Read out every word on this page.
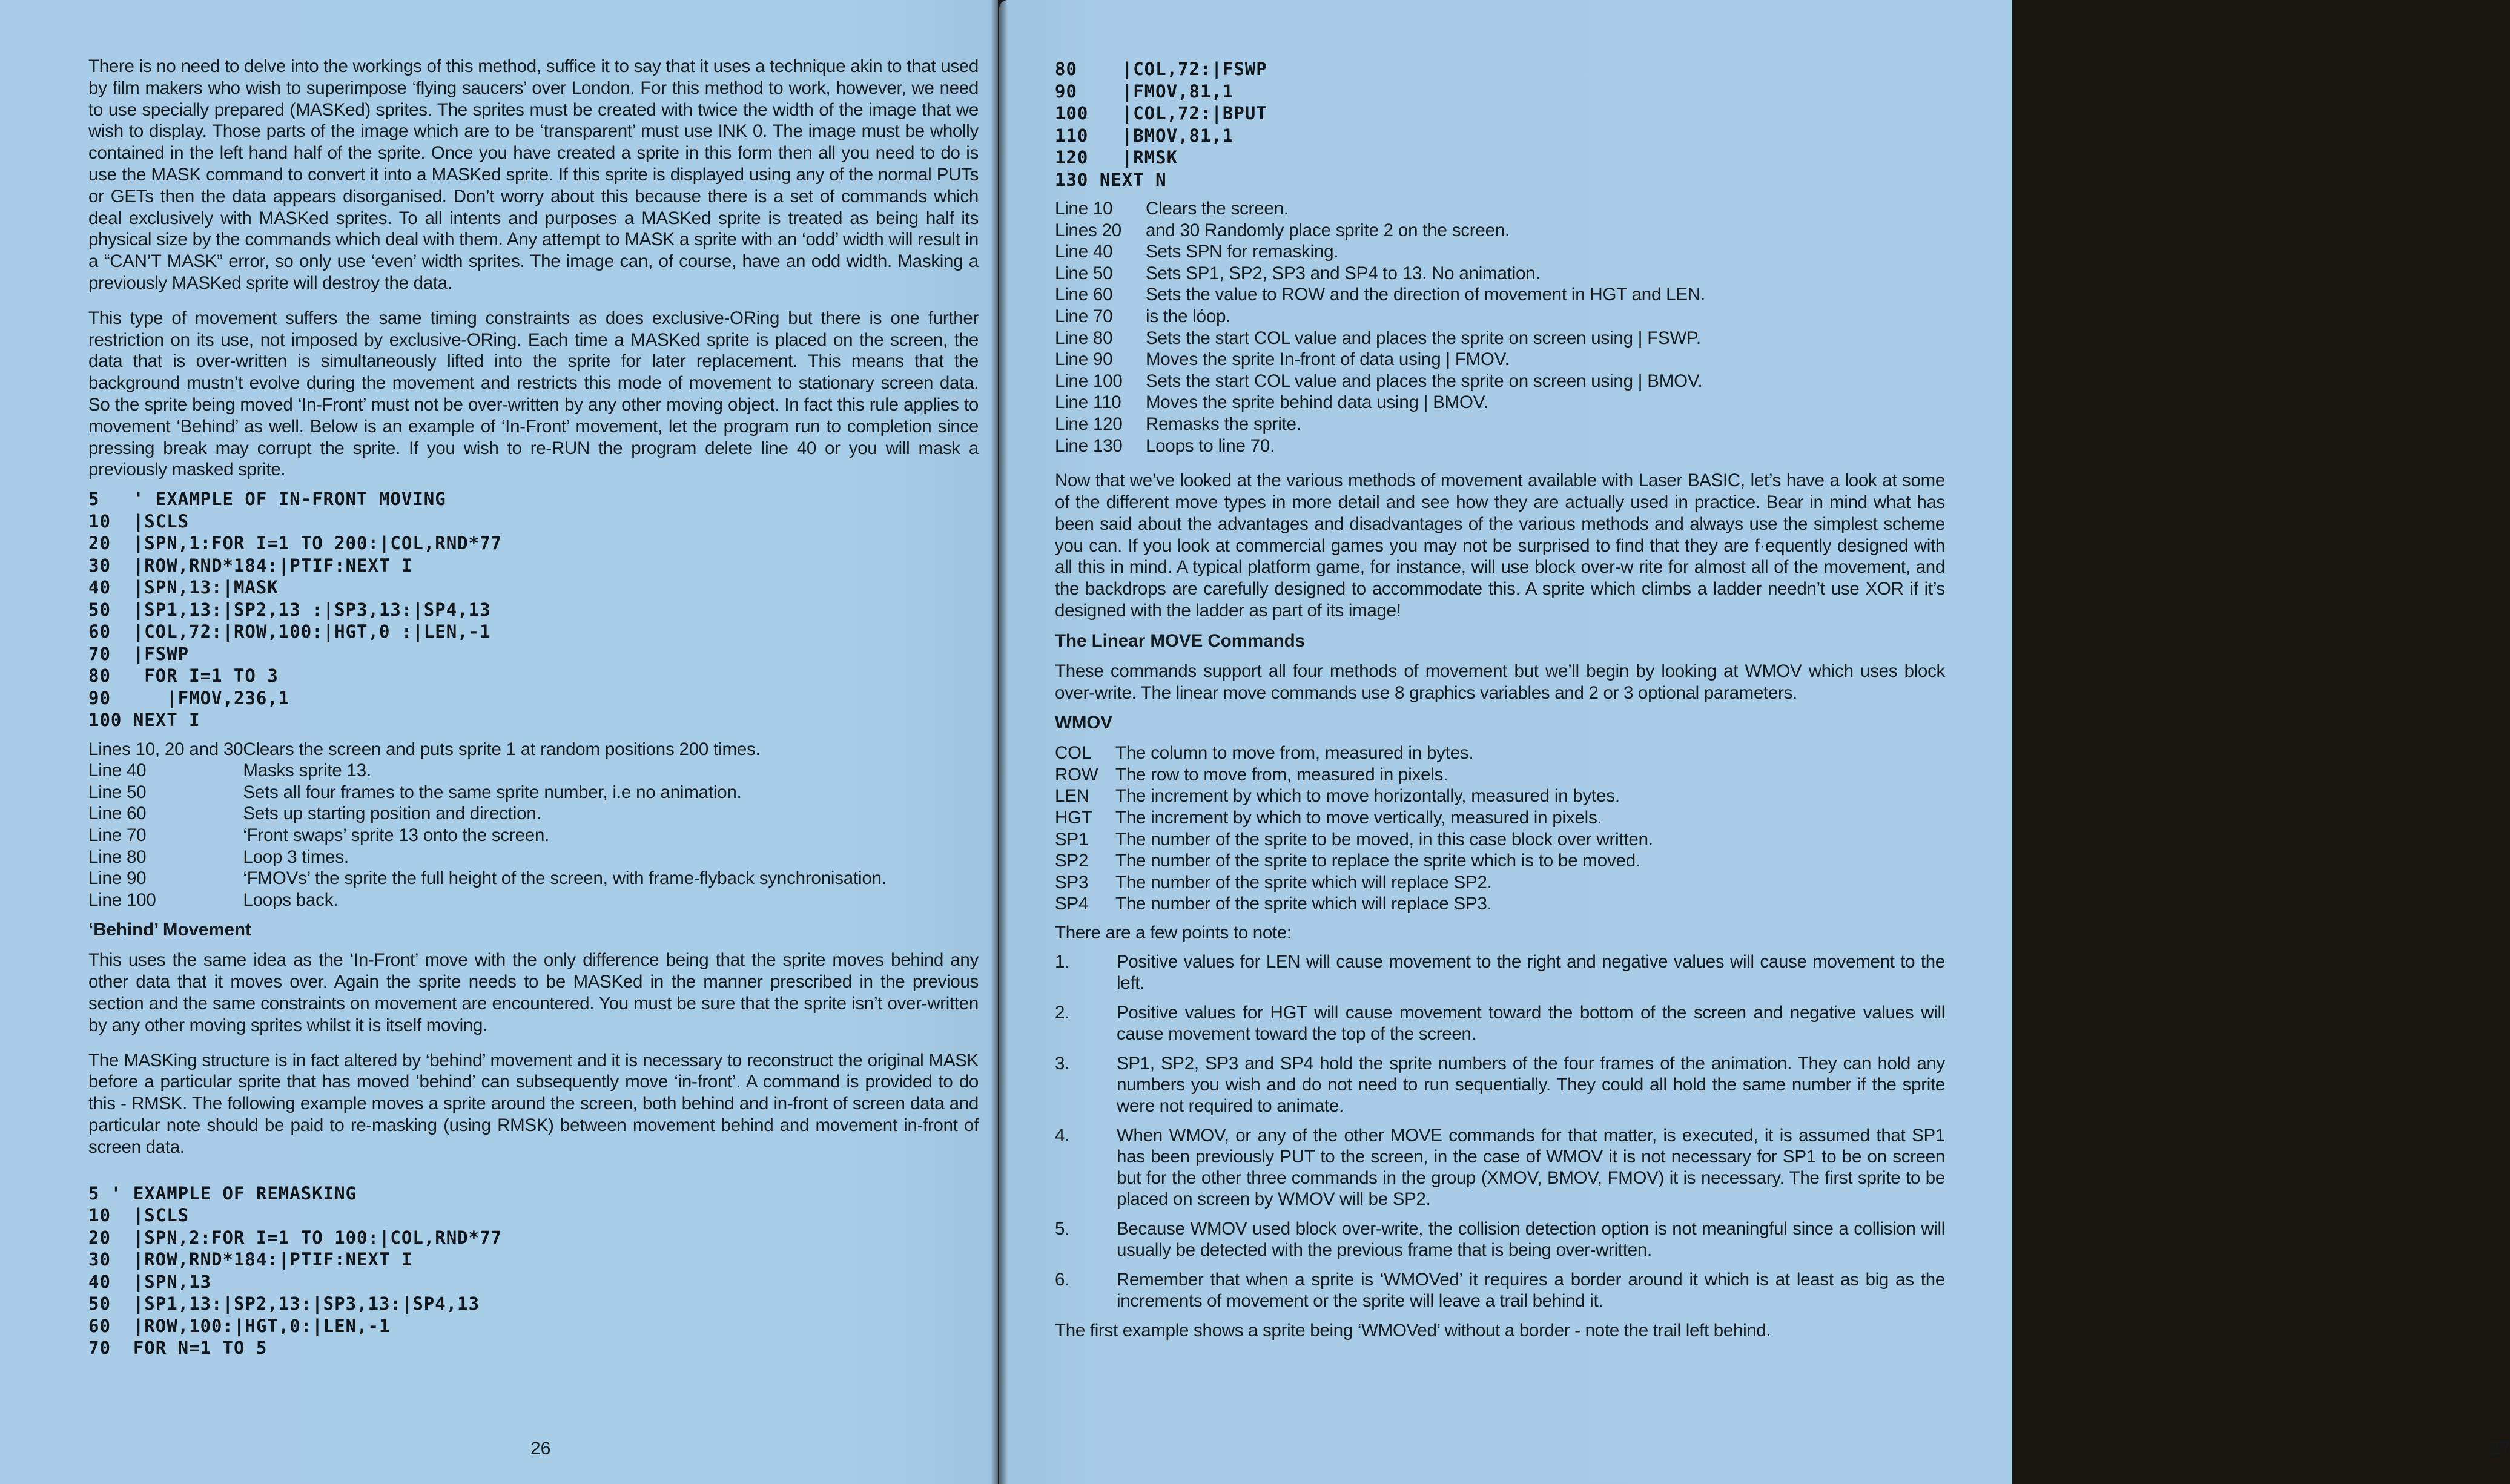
There is no need to delve into the workings of this method, suffice it to say that it uses a technique akin to that used by film makers who wish to superimpose ‘flying saucers’ over London. For this method to work, however, we need to use specially prepared (MASKed) sprites. The sprites must be created with twice the width of the image that we wish to display. Those parts of the image which are to be ‘transparent’ must use INK 0. The image must be wholly contained in the left hand half of the sprite. Once you have created a sprite in this form then all you need to do is use the MASK command to convert it into a MASKed sprite. If this sprite is displayed using any of the normal PUTs or GETs then the data appears disorganised. Don’t worry about this because there is a set of commands which deal exclusively with MASKed sprites. To all intents and purposes a MASKed sprite is treated as being half its physical size by the commands which deal with them. Any attempt to MASK a sprite with an ‘odd’ width will result in a “CAN’T MASK” error, so only use ‘even’ width sprites. The image can, of course, have an odd width. Masking a previously MASKed sprite will destroy the data.

This type of movement suffers the same timing constraints as does exclusive-ORing but there is one further restriction on its use, not imposed by exclusive-ORing. Each time a MASKed sprite is placed on the screen, the data that is over-written is simultaneously lifted into the sprite for later replacement. This means that the background mustn’t evolve during the movement and restricts this mode of movement to stationary screen data. So the sprite being moved ‘In-Front’ must not be over-written by any other moving object. In fact this rule applies to movement ‘Behind’ as well. Below is an example of ‘In-Front’ movement, let the program run to completion since pressing break may corrupt the sprite. If you wish to re-RUN the program delete line 40 or you will mask a previously masked sprite.

5   ' EXAMPLE OF IN-FRONT MOVING
10  |SCLS
20  |SPN,1:FOR I=1 TO 200:|COL,RND*77
30  |ROW,RND*184:|PTIF:NEXT I
40  |SPN,13:|MASK
50  |SP1,13:|SP2,13 :|SP3,13:|SP4,13
60  |COL,72:|ROW,100:|HGT,0 :|LEN,-1
70  |FSWP
80   FOR I=1 TO 3
90     |FMOV,236,1
100 NEXT I
Lines 10, 20 and 30	Clears the screen and puts sprite 1 at random positions 200 times.
Line 40	Masks sprite 13.
Line 50	Sets all four frames to the same sprite number, i.e no animation.
Line 60	Sets up starting position and direction.
Line 70	‘Front swaps’ sprite 13 onto the screen.
Line 80	Loop 3 times.
Line 90	‘FMOVs’ the sprite the full height of the screen, with frame-flyback synchronisation.
Line 100	Loops back.
‘Behind’ Movement

This uses the same idea as the ‘In-Front’ move with the only difference being that the sprite moves behind any other data that it moves over. Again the sprite needs to be MASKed in the manner prescribed in the previous section and the same constraints on movement are encountered. You must be sure that the sprite isn’t over-written by any other moving sprites whilst it is itself moving.

The MASKing structure is in fact altered by ‘behind’ movement and it is necessary to reconstruct the original MASK before a particular sprite that has moved ‘behind’ can subsequently move ‘in-front’. A command is provided to do this - RMSK. The following example moves a sprite around the screen, both behind and in-front of screen data and particular note should be paid to re-masking (using RMSK) between movement behind and movement in-front of screen data.

5 ' EXAMPLE OF REMASKING
10  |SCLS
20  |SPN,2:FOR I=1 TO 100:|COL,RND*77
30  |ROW,RND*184:|PTIF:NEXT I
40  |SPN,13
50  |SP1,13:|SP2,13:|SP3,13:|SP4,13
60  |ROW,100:|HGT,0:|LEN,-1
70  FOR N=1 TO 5
26
80    |COL,72:|FSWP
90    |FMOV,81,1
100   |COL,72:|BPUT
110   |BMOV,81,1
120   |RMSK
130 NEXT N
Line 10	Clears the screen.
Lines 20	and 30 Randomly place sprite 2 on the screen.
Line 40	Sets SPN for remasking.
Line 50	Sets SP1, SP2, SP3 and SP4 to 13. No animation.
Line 60	Sets the value to ROW and the direction of movement in HGT and LEN.
Line 70	is the lóop.
Line 80	Sets the start COL value and places the sprite on screen using | FSWP.
Line 90	Moves the sprite In-front of data using | FMOV.
Line 100	Sets the start COL value and places the sprite on screen using | BMOV.
Line 110	Moves the sprite behind data using | BMOV.
Line 120	Remasks the sprite.
Line 130	Loops to line 70.

Now that we’ve looked at the various methods of movement available with Laser BASIC, let’s have a look at some of the different move types in more detail and see how they are actually used in practice. Bear in mind what has been said about the advantages and disadvantages of the various methods and always use the simplest scheme you can. If you look at commercial games you may not be surprised to find that they are f·equently designed with all this in mind. A typical platform game, for instance, will use block over-w rite for almost all of the movement, and the backdrops are carefully designed to accommodate this. A sprite which climbs a ladder needn’t use XOR if it’s designed with the ladder as part of its image!

The Linear MOVE Commands

These commands support all four methods of movement but we’ll begin by looking at WMOV which uses block over-write. The linear move commands use 8 graphics variables and 2 or 3 optional parameters.

WMOV
COL	The column to move from, measured in bytes.
ROW	The row to move from, measured in pixels.
LEN	The increment by which to move horizontally, measured in bytes.
HGT	The increment by which to move vertically, measured in pixels.
SP1	The number of the sprite to be moved, in this case block over written.
SP2	The number of the sprite to replace the sprite which is to be moved.
SP3	The number of the sprite which will replace SP2.
SP4	The number of the sprite which will replace SP3.

There are a few points to note:

1.	Positive values for LEN will cause movement to the right and negative values will cause movement to the left.
2.	Positive values for HGT will cause movement toward the bottom of the screen and negative values will cause movement toward the top of the screen.
3.	SP1, SP2, SP3 and SP4 hold the sprite numbers of the four frames of the animation. They can hold any numbers you wish and do not need to run sequentially. They could all hold the same number if the sprite were not required to animate.
4.	When WMOV, or any of the other MOVE commands for that matter, is executed, it is assumed that SP1 has been previously PUT to the screen, in the case of WMOV it is not necessary for SP1 to be on screen but for the other three commands in the group (XMOV, BMOV, FMOV) it is necessary. The first sprite to be placed on screen by WMOV will be SP2.
5.	Because WMOV used block over-write, the collision detection option is not meaningful since a collision will usually be detected with the previous frame that is being over-written.
6.	Remember that when a sprite is ‘WMOVed’ it requires a border around it which is at least as big as the increments of movement or the sprite will leave a trail behind it.

The first example shows a sprite being ‘WMOVed’ without a border - note the trail left behind.

27
